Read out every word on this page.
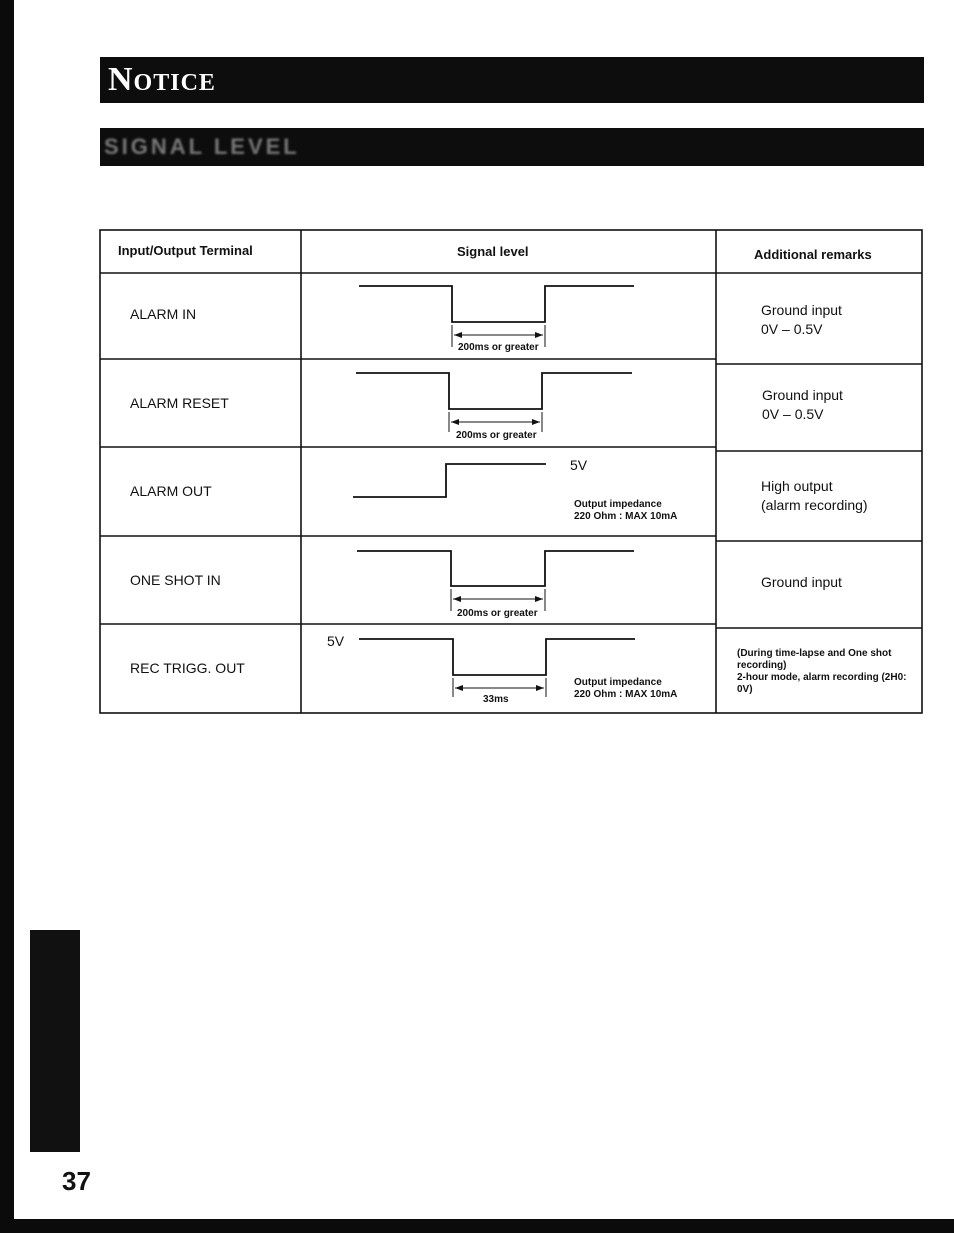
Notice
SIGNAL LEVEL
Input/Output Terminal	Signal level	Additional remarks
ALARM IN
200ms or greater
Ground input
0V – 0.5V
ALARM RESET
200ms or greater
Ground input
0V – 0.5V
ALARM OUT
5V
Output impedance
220 Ohm : MAX 10mA
High output
(alarm recording)
ONE SHOT IN
200ms or greater
Ground input
REC TRIGG. OUT
5V
33ms
Output impedance
220 Ohm : MAX 10mA
(During time-lapse and One shot recording)
2-hour mode, alarm recording (2H0: 0V)
37
